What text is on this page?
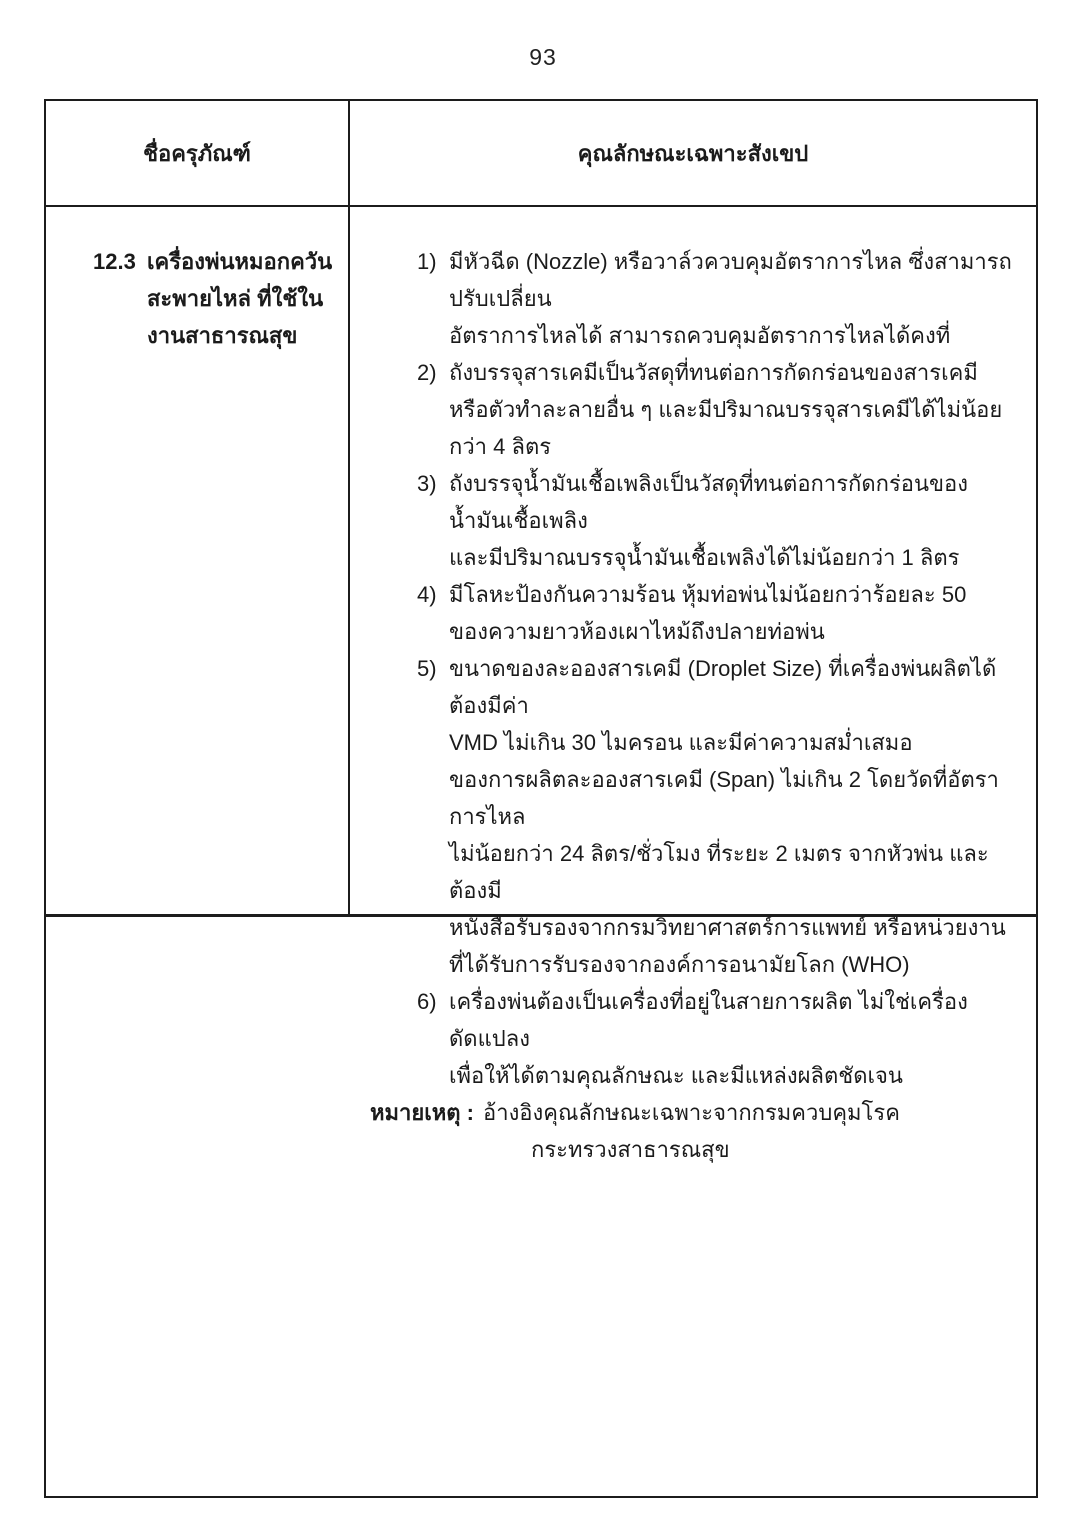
93
ชื่อครุภัณฑ์	คุณลักษณะเฉพาะสังเขป
12.3 เครื่องพ่นหมอกควัน
สะพายไหล่ ที่ใช้ใน
งานสาธารณสุข
1) มีหัวฉีด (Nozzle) หรือวาล์วควบคุมอัตราการไหล ซึ่งสามารถปรับเปลี่ยน
อัตราการไหลได้ สามารถควบคุมอัตราการไหลได้คงที่
2) ถังบรรจุสารเคมีเป็นวัสดุที่ทนต่อการกัดกร่อนของสารเคมี
หรือตัวทำละลายอื่น ๆ และมีปริมาณบรรจุสารเคมีได้ไม่น้อยกว่า 4 ลิตร
3) ถังบรรจุน้ำมันเชื้อเพลิงเป็นวัสดุที่ทนต่อการกัดกร่อนของน้ำมันเชื้อเพลิง
และมีปริมาณบรรจุน้ำมันเชื้อเพลิงได้ไม่น้อยกว่า 1 ลิตร
4) มีโลหะป้องกันความร้อน หุ้มท่อพ่นไม่น้อยกว่าร้อยละ 50
ของความยาวห้องเผาไหม้ถึงปลายท่อพ่น
5) ขนาดของละอองสารเคมี (Droplet Size) ที่เครื่องพ่นผลิตได้ ต้องมีค่า
VMD ไม่เกิน 30 ไมครอน และมีค่าความสม่ำเสมอ
ของการผลิตละอองสารเคมี (Span) ไม่เกิน 2 โดยวัดที่อัตราการไหล
ไม่น้อยกว่า 24 ลิตร/ชั่วโมง ที่ระยะ 2 เมตร จากหัวพ่น และต้องมี
หนังสือรับรองจากกรมวิทยาศาสตร์การแพทย์ หรือหน่วยงาน
ที่ได้รับการรับรองจากองค์การอนามัยโลก (WHO)
6) เครื่องพ่นต้องเป็นเครื่องที่อยู่ในสายการผลิต ไม่ใช่เครื่องดัดแปลง
เพื่อให้ได้ตามคุณลักษณะ และมีแหล่งผลิตชัดเจน
หมายเหตุ : อ้างอิงคุณลักษณะเฉพาะจากกรมควบคุมโรค
กระทรวงสาธารณสุข
